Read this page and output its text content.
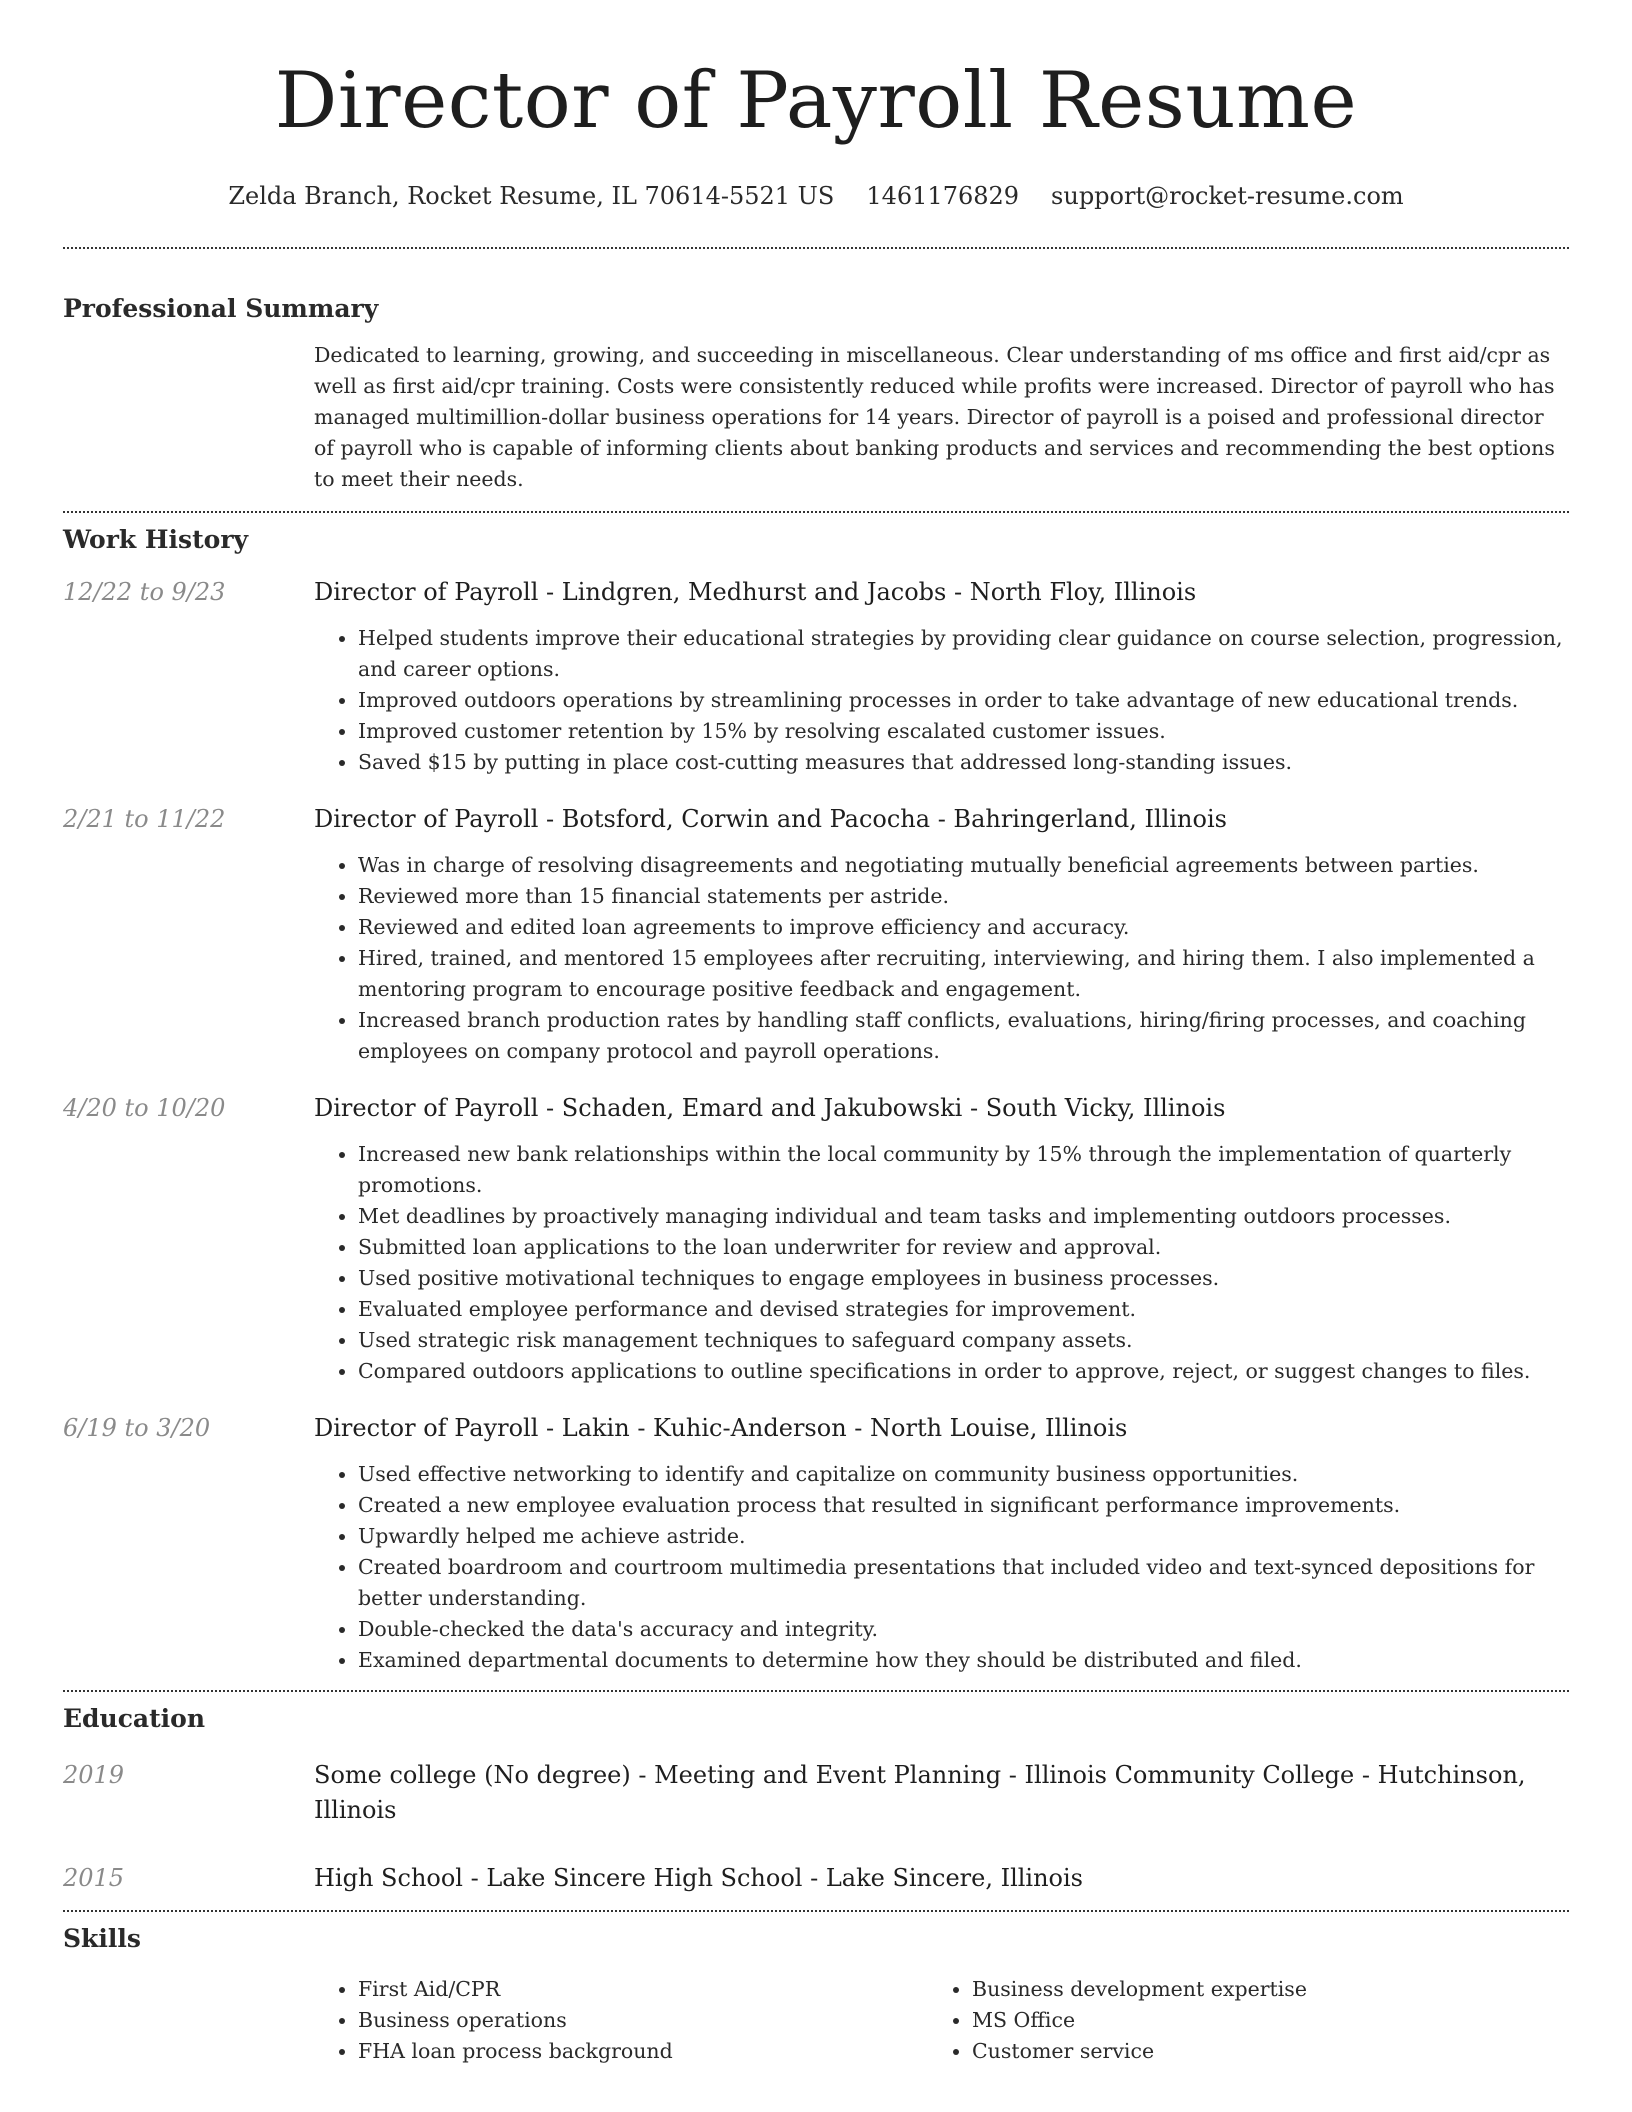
Director of Payroll Resume
Zelda Branch, Rocket Resume, IL 70614-5521 US 1461176829 support@rocket-resume.com
Professional Summary

Dedicated to learning, growing, and succeeding in miscellaneous. Clear understanding of ms office and first aid/cpr as well as first aid/cpr training. Costs were consistently reduced while profits were increased. Director of payroll who has managed multimillion-dollar business operations for 14 years. Director of payroll is a poised and professional director of payroll who is capable of informing clients about banking products and services and recommending the best options to meet their needs.

Work History
12/22 to 9/23	Director of Payroll - Lindgren, Medhurst and Jacobs - North Floy, Illinois
• Helped students improve their educational strategies by providing clear guidance on course selection, progression, and career options.
• Improved outdoors operations by streamlining processes in order to take advantage of new educational trends.
• Improved customer retention by 15% by resolving escalated customer issues.
• Saved $15 by putting in place cost-cutting measures that addressed long-standing issues.
2/21 to 11/22	Director of Payroll - Botsford, Corwin and Pacocha - Bahringerland, Illinois
• Was in charge of resolving disagreements and negotiating mutually beneficial agreements between parties.
• Reviewed more than 15 financial statements per astride.
• Reviewed and edited loan agreements to improve efficiency and accuracy.
• Hired, trained, and mentored 15 employees after recruiting, interviewing, and hiring them. I also implemented a mentoring program to encourage positive feedback and engagement.
• Increased branch production rates by handling staff conflicts, evaluations, hiring/firing processes, and coaching employees on company protocol and payroll operations.
4/20 to 10/20	Director of Payroll - Schaden, Emard and Jakubowski - South Vicky, Illinois
• Increased new bank relationships within the local community by 15% through the implementation of quarterly promotions.
• Met deadlines by proactively managing individual and team tasks and implementing outdoors processes.
• Submitted loan applications to the loan underwriter for review and approval.
• Used positive motivational techniques to engage employees in business processes.
• Evaluated employee performance and devised strategies for improvement.
• Used strategic risk management techniques to safeguard company assets.
• Compared outdoors applications to outline specifications in order to approve, reject, or suggest changes to files.
6/19 to 3/20	Director of Payroll - Lakin - Kuhic-Anderson - North Louise, Illinois
• Used effective networking to identify and capitalize on community business opportunities.
• Created a new employee evaluation process that resulted in significant performance improvements.
• Upwardly helped me achieve astride.
• Created boardroom and courtroom multimedia presentations that included video and text-synced depositions for better understanding.
• Double-checked the data's accuracy and integrity.
• Examined departmental documents to determine how they should be distributed and filed.
Education
2019	Some college (No degree) - Meeting and Event Planning - Illinois Community College - Hutchinson, Illinois
2015	High School - Lake Sincere High School - Lake Sincere, Illinois
Skills
• First Aid/CPR
• Business operations
• FHA loan process background
• Business development expertise
• MS Office
• Customer service
